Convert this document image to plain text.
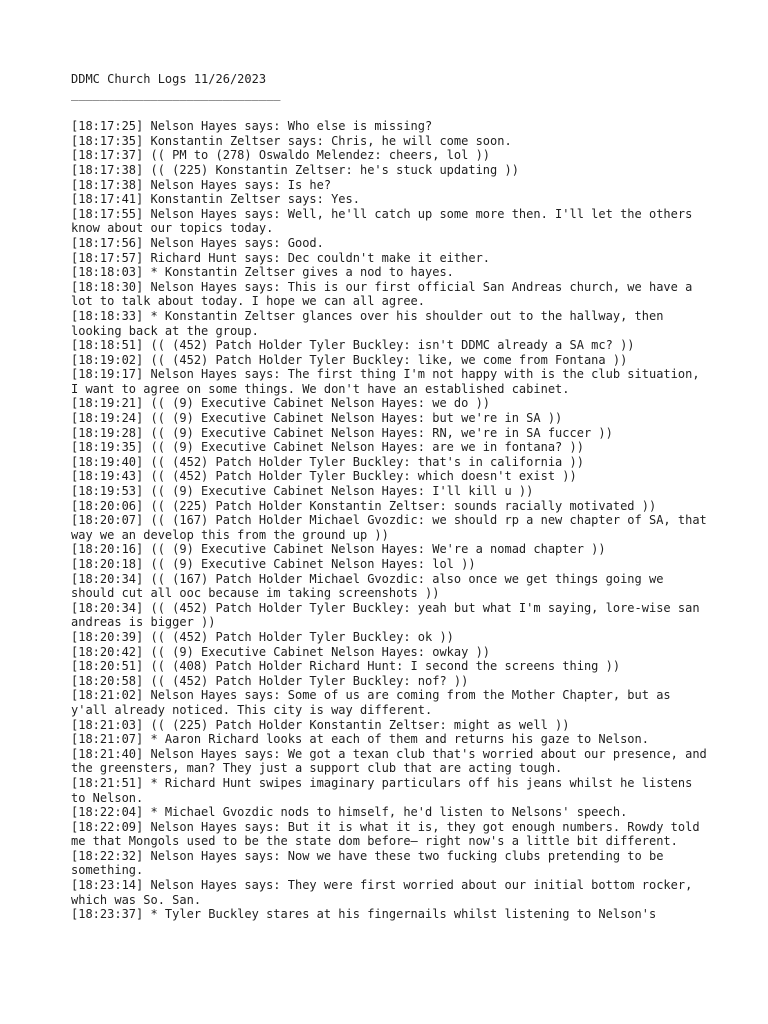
DDMC Church Logs 11/26/2023
_____________________________
[18:17:25] Nelson Hayes says: Who else is missing?
[18:17:35] Konstantin Zeltser says: Chris, he will come soon.
[18:17:37] (( PM to (278) Oswaldo Melendez: cheers, lol ))
[18:17:38] (( (225) Konstantin Zeltser: he's stuck updating ))
[18:17:38] Nelson Hayes says: Is he?
[18:17:41] Konstantin Zeltser says: Yes.
[18:17:55] Nelson Hayes says: Well, he'll catch up some more then. I'll let the others know about our topics today.
[18:17:56] Nelson Hayes says: Good.
[18:17:57] Richard Hunt says: Dec couldn't make it either.
[18:18:03] * Konstantin Zeltser gives a nod to hayes.
[18:18:30] Nelson Hayes says: This is our first official San Andreas church, we have a lot to talk about today. I hope we can all agree.
[18:18:33] * Konstantin Zeltser glances over his shoulder out to the hallway, then looking back at the group.
[18:18:51] (( (452) Patch Holder Tyler Buckley: isn't DDMC already a SA mc? ))
[18:19:02] (( (452) Patch Holder Tyler Buckley: like, we come from Fontana ))
[18:19:17] Nelson Hayes says: The first thing I'm not happy with is the club situation, I want to agree on some things. We don't have an established cabinet.
[18:19:21] (( (9) Executive Cabinet Nelson Hayes: we do ))
[18:19:24] (( (9) Executive Cabinet Nelson Hayes: but we're in SA ))
[18:19:28] (( (9) Executive Cabinet Nelson Hayes: RN, we're in SA fuccer ))
[18:19:35] (( (9) Executive Cabinet Nelson Hayes: are we in fontana? ))
[18:19:40] (( (452) Patch Holder Tyler Buckley: that's in california ))
[18:19:43] (( (452) Patch Holder Tyler Buckley: which doesn't exist ))
[18:19:53] (( (9) Executive Cabinet Nelson Hayes: I'll kill u ))
[18:20:06] (( (225) Patch Holder Konstantin Zeltser: sounds racially motivated ))
[18:20:07] (( (167) Patch Holder Michael Gvozdic: we should rp a new chapter of SA, that way we an develop this from the ground up ))
[18:20:16] (( (9) Executive Cabinet Nelson Hayes: We're a nomad chapter ))
[18:20:18] (( (9) Executive Cabinet Nelson Hayes: lol ))
[18:20:34] (( (167) Patch Holder Michael Gvozdic: also once we get things going we should cut all ooc because im taking screenshots ))
[18:20:34] (( (452) Patch Holder Tyler Buckley: yeah but what I'm saying, lore-wise san andreas is bigger ))
[18:20:39] (( (452) Patch Holder Tyler Buckley: ok ))
[18:20:42] (( (9) Executive Cabinet Nelson Hayes: owkay ))
[18:20:51] (( (408) Patch Holder Richard Hunt: I second the screens thing ))
[18:20:58] (( (452) Patch Holder Tyler Buckley: nof? ))
[18:21:02] Nelson Hayes says: Some of us are coming from the Mother Chapter, but as y'all already noticed. This city is way different.
[18:21:03] (( (225) Patch Holder Konstantin Zeltser: might as well ))
[18:21:07] * Aaron Richard looks at each of them and returns his gaze to Nelson.
[18:21:40] Nelson Hayes says: We got a texan club that's worried about our presence, and the greensters, man? They just a support club that are acting tough.
[18:21:51] * Richard Hunt swipes imaginary particulars off his jeans whilst he listens to Nelson.
[18:22:04] * Michael Gvozdic nods to himself, he'd listen to Nelsons' speech.
[18:22:09] Nelson Hayes says: But it is what it is, they got enough numbers. Rowdy told me that Mongols used to be the state dom before— right now's a little bit different.
[18:22:32] Nelson Hayes says: Now we have these two fucking clubs pretending to be something.
[18:23:14] Nelson Hayes says: They were first worried about our initial bottom rocker, which was So. San.
[18:23:37] * Tyler Buckley stares at his fingernails whilst listening to Nelson's
